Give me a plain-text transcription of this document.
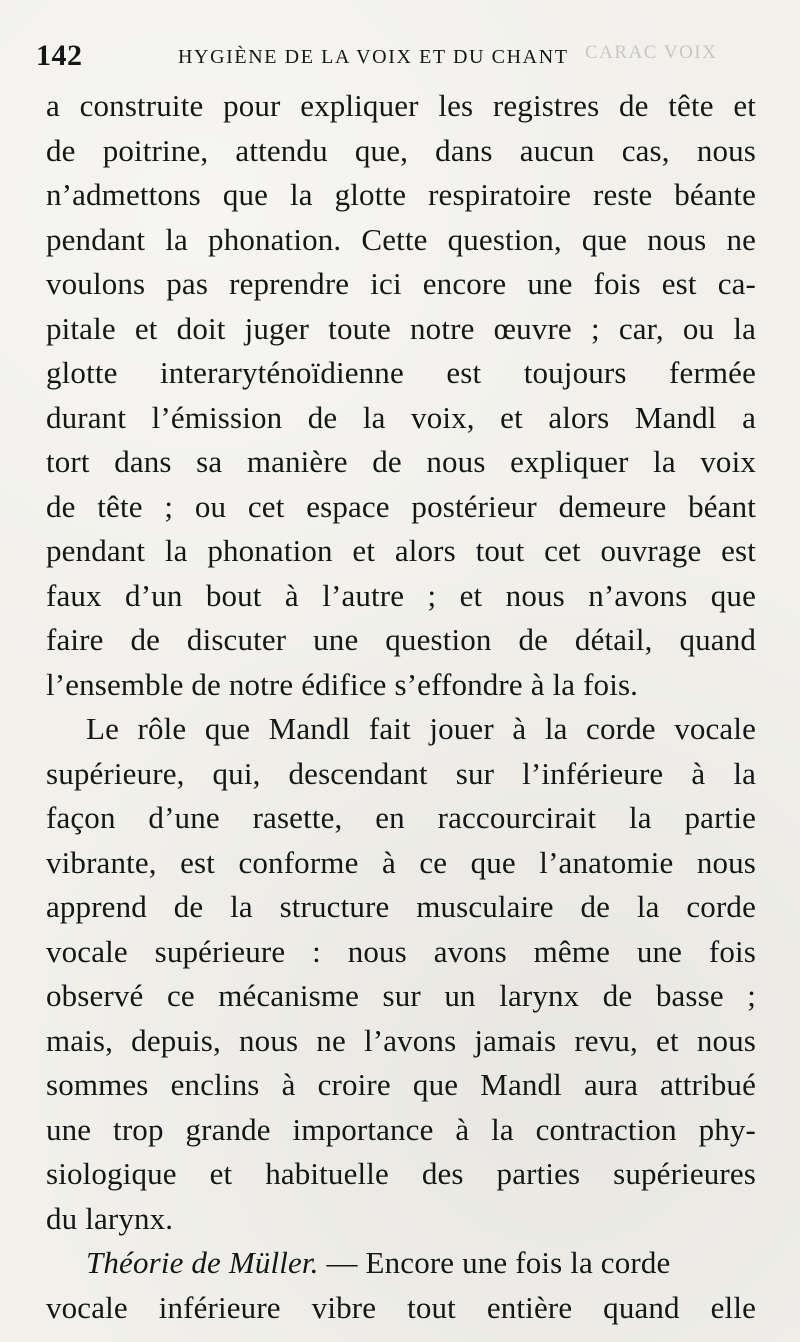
142	HYGIÈNE DE LA VOIX ET DU CHANT CARAC VOIX
a construite pour expliquer les registres de tête et
de poitrine, attendu que, dans aucun cas, nous
n’admettons que la glotte respiratoire reste béante
pendant la phonation. Cette question, que nous ne
voulons pas reprendre ici encore une fois est ca-
pitale et doit juger toute notre œuvre ; car, ou la
glotte interaryténoïdienne est toujours fermée
durant l’émission de la voix, et alors Mandl a
tort dans sa manière de nous expliquer la voix
de tête ; ou cet espace postérieur demeure béant
pendant la phonation et alors tout cet ouvrage est
faux d’un bout à l’autre ; et nous n’avons que
faire de discuter une question de détail, quand
l’ensemble de notre édifice s’effondre à la fois.
Le rôle que Mandl fait jouer à la corde vocale
supérieure, qui, descendant sur l’inférieure à la
façon d’une rasette, en raccourcirait la partie
vibrante, est conforme à ce que l’anatomie nous
apprend de la structure musculaire de la corde
vocale supérieure : nous avons même une fois
observé ce mécanisme sur un larynx de basse ;
mais, depuis, nous ne l’avons jamais revu, et nous
sommes enclins à croire que Mandl aura attribué
une trop grande importance à la contraction phy-
siologique et habituelle des parties supérieures
du larynx.
Théorie de Müller. — Encore une fois la corde
vocale inférieure vibre tout entière quand elle
